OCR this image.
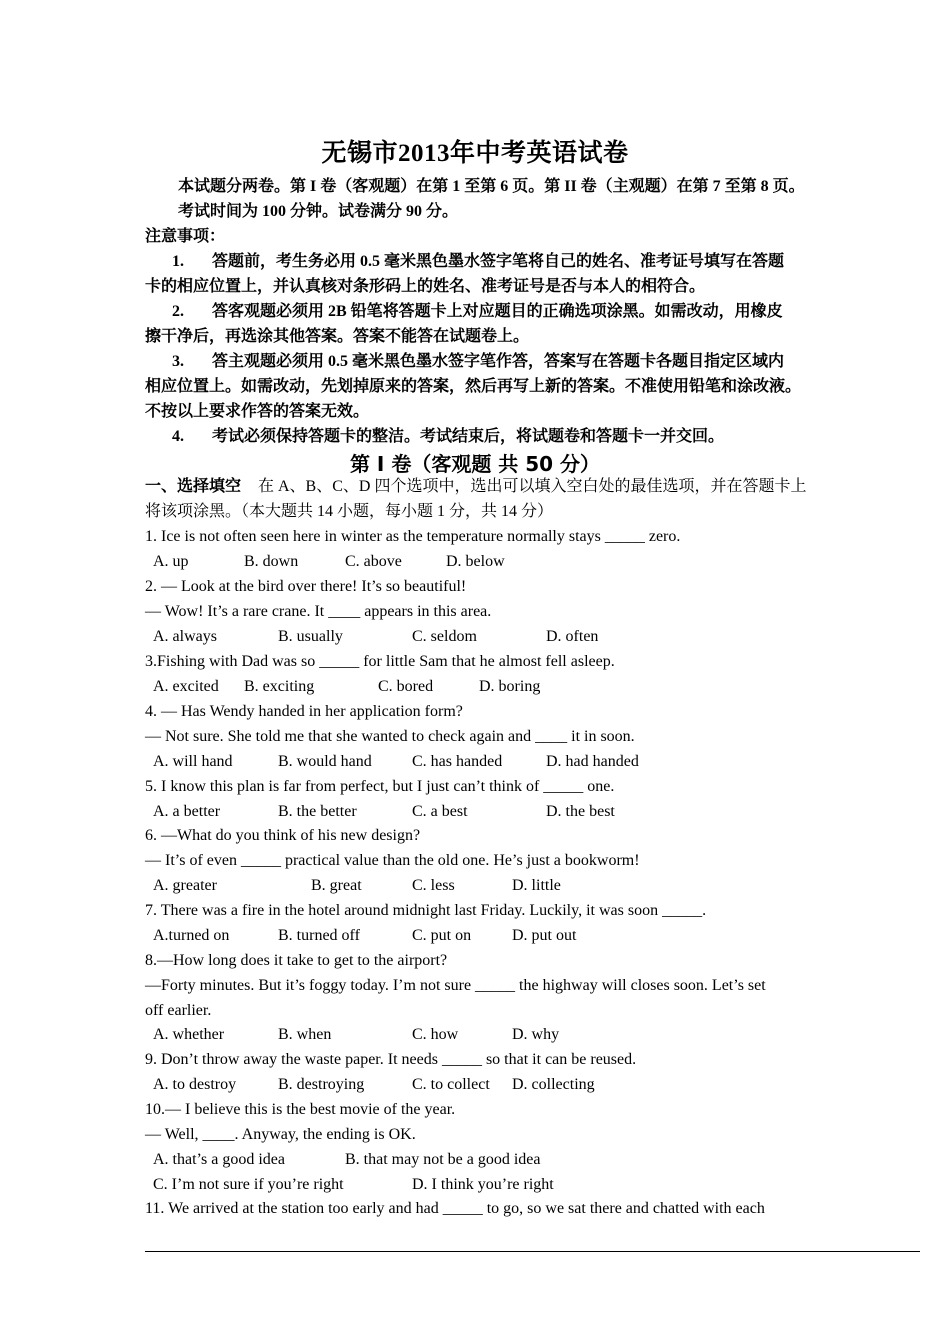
无锡市2013年中考英语试卷
本试题分两卷。第 I 卷（客观题）在第 1 至第 6 页。第 II 卷（主观题）在第 7 至第 8 页。
考试时间为 100 分钟。试卷满分 90 分。
注意事项：
1. 答题前，考生务必用 0.5 毫米黑色墨水签字笔将自己的姓名、准考证号填写在答题
卡的相应位置上，并认真核对条形码上的姓名、准考证号是否与本人的相符合。
2. 答客观题必须用 2B 铅笔将答题卡上对应题目的正确选项涂黑。如需改动，用橡皮
擦干净后，再选涂其他答案。答案不能答在试题卷上。
3. 答主观题必须用 0.5 毫米黑色墨水签字笔作答，答案写在答题卡各题目指定区域内
相应位置上。如需改动，先划掉原来的答案，然后再写上新的答案。不准使用铅笔和涂改液。
不按以上要求作答的答案无效。
4. 考试必须保持答题卡的整洁。考试结束后，将试题卷和答题卡一并交回。
第 I 卷（客观题 共 50 分）
一、选择填空 在 A、B、C、D 四个选项中，选出可以填入空白处的最佳选项，并在答题卡上
将该项涂黑。（本大题共 14 小题，每小题 1 分，共 14 分）
1. Ice is not often seen here in winter as the temperature normally stays _____ zero.
A. up	B. down	C. above	D. below
2. — Look at the bird over there! It’s so beautiful!
— Wow! It’s a rare crane. It ____ appears in this area.
A. always	B. usually	C. seldom	D. often
3.Fishing with Dad was so _____ for little Sam that he almost fell asleep.
A. excited B. exciting	C. bored	D. boring
4. — Has Wendy handed in her application form?
— Not sure. She told me that she wanted to check again and ____ it in soon.
A. will hand	B. would hand	C. has handed	D. had handed
5. I know this plan is far from perfect, but I just can’t think of _____ one.
A. a better	B. the better	C. a best	D. the best
6. —What do you think of his new design?
— It’s of even _____ practical value than the old one. He’s just a bookworm!
A. greater	B. great	C. less	D. little
7. There was a fire in the hotel around midnight last Friday. Luckily, it was soon _____.
A.turned on	B. turned off	C. put on	D. put out
8.—How long does it take to get to the airport?
—Forty minutes. But it’s foggy today. I’m not sure _____ the highway will closes soon. Let’s set
off earlier.
A. whether	B. when	C. how	D. why
9. Don’t throw away the waste paper. It needs _____ so that it can be reused.
A. to destroy	B. destroying	C. to collect D. collecting
10.— I believe this is the best movie of the year.
— Well, ____. Anyway, the ending is OK.
A. that’s a good idea	B. that may not be a good idea
C. I’m not sure if you’re right	D. I think you’re right
11. We arrived at the station too early and had _____ to go, so we sat there and chatted with each
